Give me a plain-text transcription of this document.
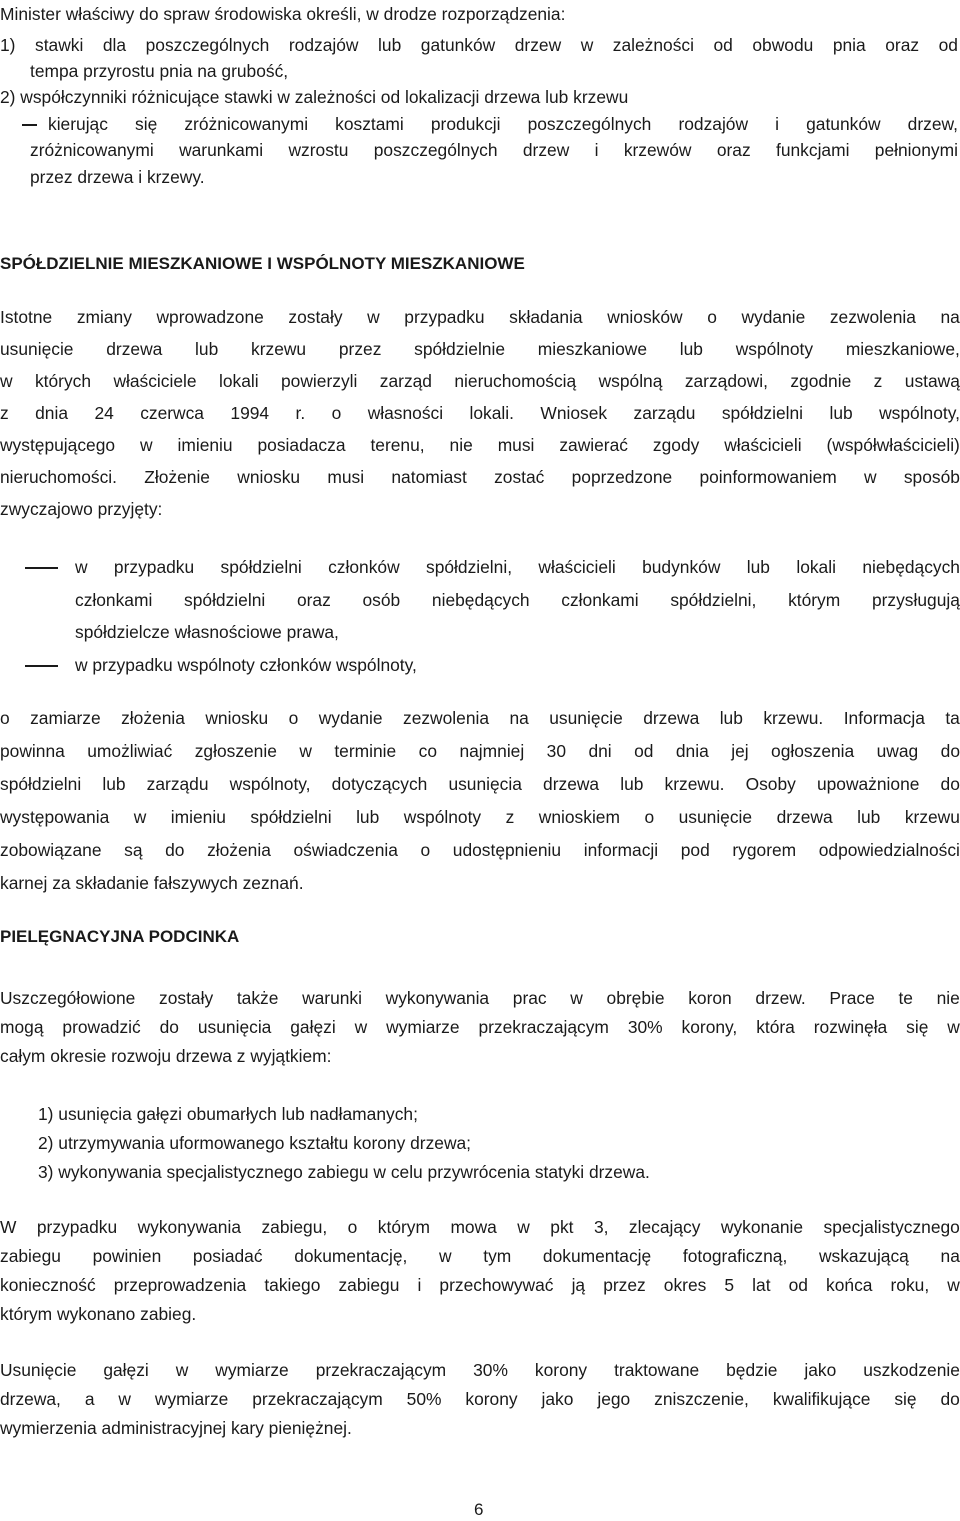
Minister właściwy do spraw środowiska określi, w drodze rozporządzenia:
1) stawki dla poszczególnych rodzajów lub gatunków drzew w zależności od obwodu pnia oraz od
tempa przyrostu pnia na grubość,
2) współczynniki różnicujące stawki w zależności od lokalizacji drzewa lub krzewu
kierując się zróżnicowanymi kosztami produkcji poszczególnych rodzajów i gatunków drzew,
zróżnicowanymi warunkami wzrostu poszczególnych drzew i krzewów oraz funkcjami pełnionymi
przez drzewa i krzewy.
SPÓŁDZIELNIE MIESZKANIOWE I WSPÓLNOTY MIESZKANIOWE
Istotne zmiany wprowadzone zostały w przypadku składania wniosków o wydanie zezwolenia na
usunięcie drzewa lub krzewu przez spółdzielnie mieszkaniowe lub wspólnoty mieszkaniowe,
w których właściciele lokali powierzyli zarząd nieruchomością wspólną zarządowi, zgodnie z ustawą
z dnia 24 czerwca 1994 r. o własności lokali. Wniosek zarządu spółdzielni lub wspólnoty,
występującego w imieniu posiadacza terenu, nie musi zawierać zgody właścicieli (współwłaścicieli)
nieruchomości. Złożenie wniosku musi natomiast zostać poprzedzone poinformowaniem w sposób
zwyczajowo przyjęty:
w przypadku spółdzielni członków spółdzielni, właścicieli budynków lub lokali niebędących
członkami spółdzielni oraz osób niebędących członkami spółdzielni, którym przysługują
spółdzielcze własnościowe prawa,
w przypadku wspólnoty członków wspólnoty,
o zamiarze złożenia wniosku o wydanie zezwolenia na usunięcie drzewa lub krzewu. Informacja ta
powinna umożliwiać zgłoszenie w terminie co najmniej 30 dni od dnia jej ogłoszenia uwag do
spółdzielni lub zarządu wspólnoty, dotyczących usunięcia drzewa lub krzewu. Osoby upoważnione do
występowania w imieniu spółdzielni lub wspólnoty z wnioskiem o usunięcie drzewa lub krzewu
zobowiązane są do złożenia oświadczenia o udostępnieniu informacji pod rygorem odpowiedzialności
karnej za składanie fałszywych zeznań.
PIELĘGNACYJNA PODCINKA
Uszczegółowione zostały także warunki wykonywania prac w obrębie koron drzew. Prace te nie
mogą prowadzić do usunięcia gałęzi w wymiarze przekraczającym 30% korony, która rozwinęła się w
całym okresie rozwoju drzewa z wyjątkiem:
1) usunięcia gałęzi obumarłych lub nadłamanych;
2) utrzymywania uformowanego kształtu korony drzewa;
3) wykonywania specjalistycznego zabiegu w celu przywrócenia statyki drzewa.
W przypadku wykonywania zabiegu, o którym mowa w pkt 3, zlecający wykonanie specjalistycznego
zabiegu powinien posiadać dokumentację, w tym dokumentację fotograficzną, wskazującą na
konieczność przeprowadzenia takiego zabiegu i przechowywać ją przez okres 5 lat od końca roku, w
którym wykonano zabieg.
Usunięcie gałęzi w wymiarze przekraczającym 30% korony traktowane będzie jako uszkodzenie
drzewa, a w wymiarze przekraczającym 50% korony jako jego zniszczenie, kwalifikujące się do
wymierzenia administracyjnej kary pieniężnej.
6
